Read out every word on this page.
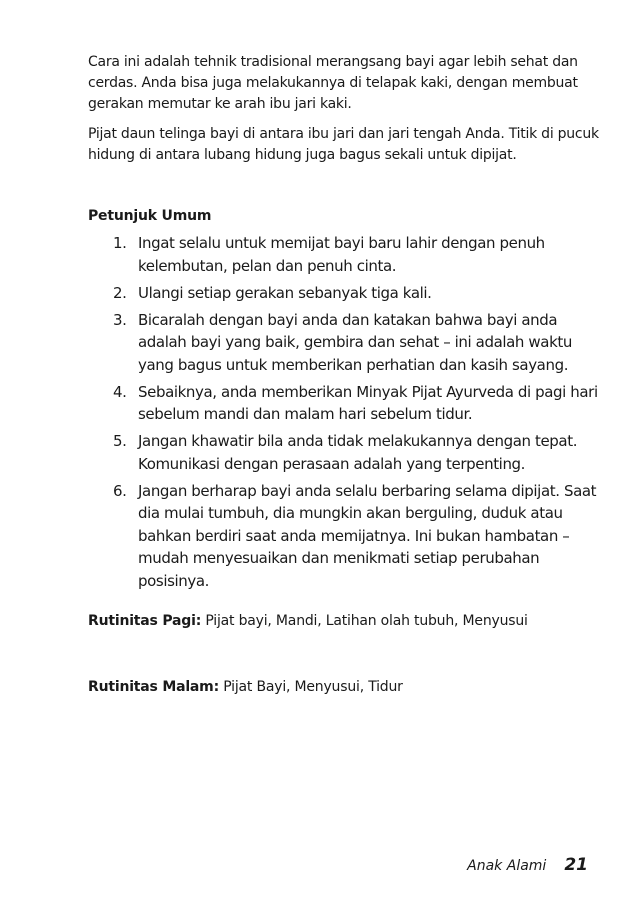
Cara ini adalah tehnik tradisional merangsang bayi agar lebih sehat dan cerdas. Anda bisa juga melakukannya di telapak kaki, dengan membuat gerakan memutar ke arah ibu jari kaki.

Pijat daun telinga bayi di antara ibu jari dan jari tengah Anda. Titik di pucuk hidung di antara lubang hidung juga bagus sekali untuk dipijat.

Petunjuk Umum

1. Ingat selalu untuk memijat bayi baru lahir dengan penuh kelembutan, pelan dan penuh cinta.
2. Ulangi setiap gerakan sebanyak tiga kali.
3. Bicaralah dengan bayi anda dan katakan bahwa bayi anda adalah bayi yang baik, gembira dan sehat – ini adalah waktu yang bagus untuk memberikan perhatian dan kasih sayang.
4. Sebaiknya, anda memberikan Minyak Pijat Ayurveda di pagi hari sebelum mandi dan malam hari sebelum tidur.
5. Jangan khawatir bila anda tidak melakukannya dengan tepat. Komunikasi dengan perasaan adalah yang terpenting.
6. Jangan berharap bayi anda selalu berbaring selama dipijat. Saat dia mulai tumbuh, dia mungkin akan berguling, duduk atau bahkan berdiri saat anda memijatnya. Ini bukan hambatan – mudah menyesuaikan dan menikmati setiap perubahan posisinya.

Rutinitas Pagi: Pijat bayi, Mandi, Latihan olah tubuh, Menyusui

Rutinitas Malam: Pijat Bayi, Menyusui, Tidur

Anak Alami 21
